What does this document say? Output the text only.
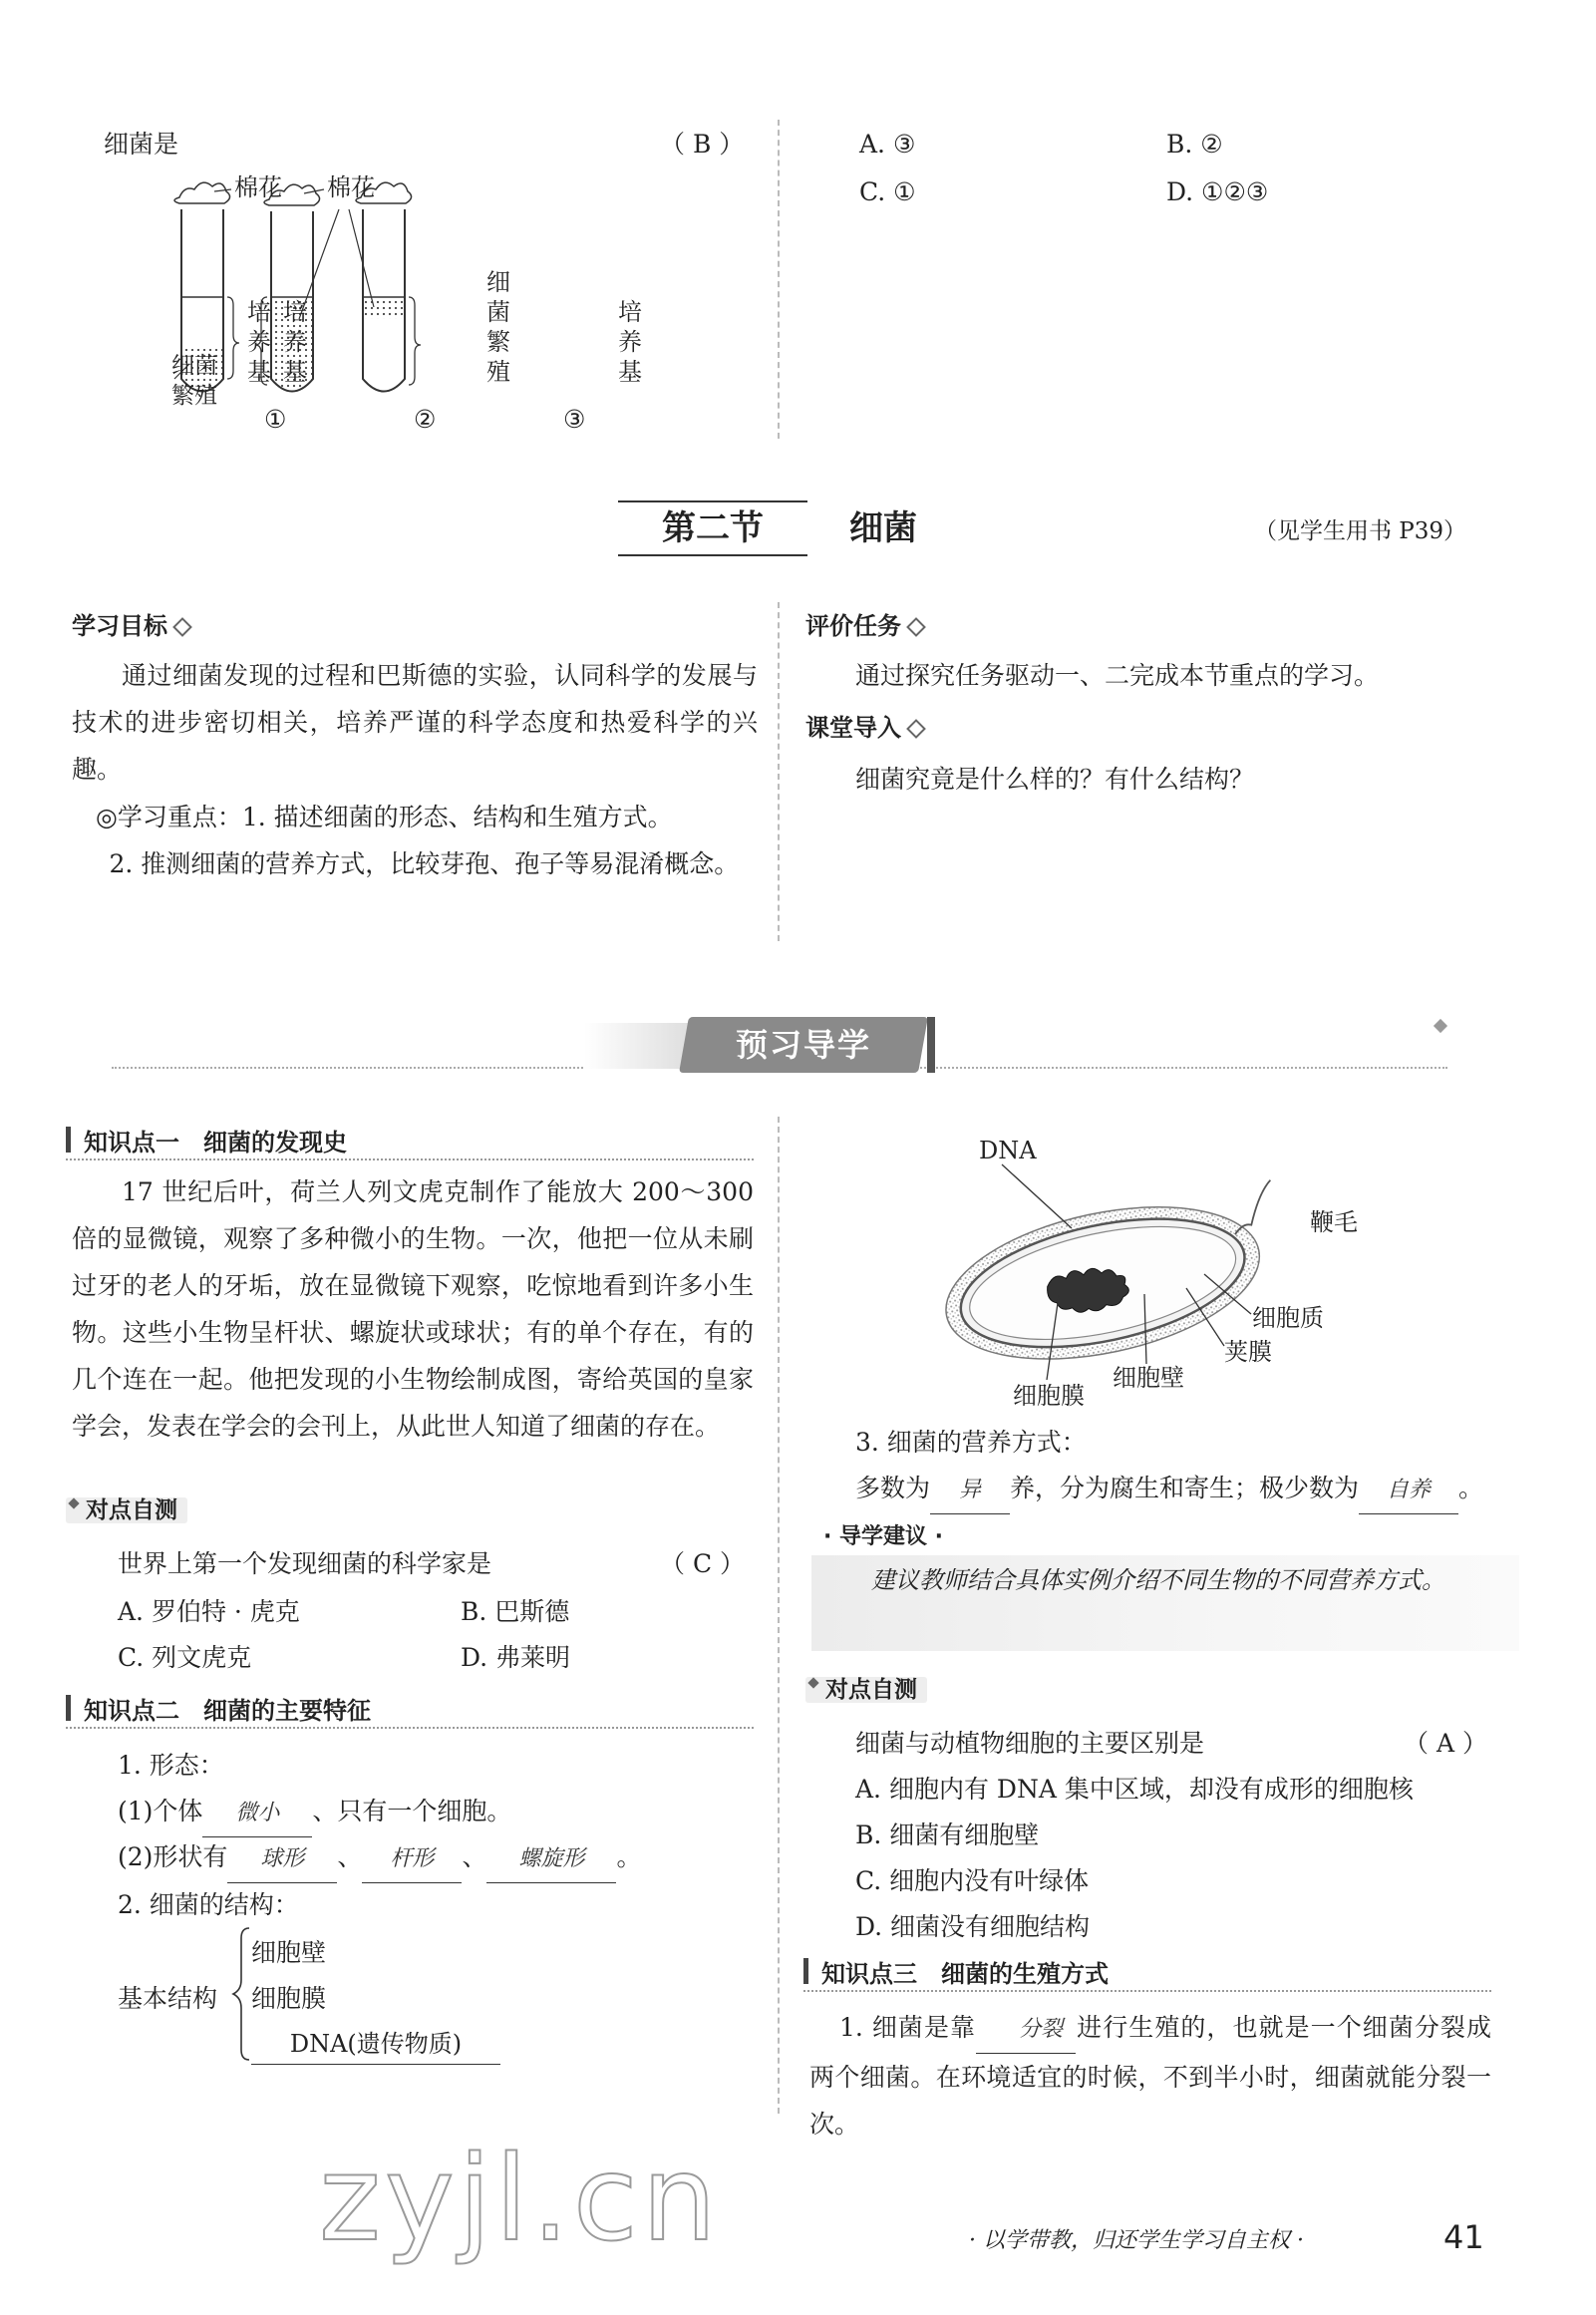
细菌是	（ B ）
棉花 棉花
培
养
基
培
养
基
细
菌
繁
殖
培
养
基
细菌
繁殖
①	②	③
A. ③	B. ②
C. ①	D. ①②③
第二节	细菌	（见学生用书 P39）
学习目标
通过细菌发现的过程和巴斯德的实验，认同科学的发展与技术的进步密切相关，培养严谨的科学态度和热爱科学的兴趣。
◎学习重点：1. 描述细菌的形态、结构和生殖方式。
2. 推测细菌的营养方式，比较芽孢、孢子等易混淆概念。
评价任务
通过探究任务驱动一、二完成本节重点的学习。
课堂导入
细菌究竟是什么样的？有什么结构？
预习导学
知识点一　细菌的发现史
17 世纪后叶，荷兰人列文虎克制作了能放大 200～300倍的显微镜，观察了多种微小的生物。一次，他把一位从未刷过牙的老人的牙垢，放在显微镜下观察，吃惊地看到许多小生物。这些小生物呈杆状、螺旋状或球状；有的单个存在，有的几个连在一起。他把发现的小生物绘制成图，寄给英国的皇家学会，发表在学会的会刊上，从此世人知道了细菌的存在。
对点自测
世界上第一个发现细菌的科学家是	（ C ）
A. 罗伯特 · 虎克	B. 巴斯德
C. 列文虎克	D. 弗莱明
知识点二　细菌的主要特征
1. 形态：
(1)个体 微小 、只有一个细胞。
(2)形状有 球形 、 杆形 、 螺旋形 。
2. 细菌的结构：
基本结构
细胞壁
细胞膜
DNA(遗传物质)
DNA
鞭毛
细胞质
荚膜
细胞壁
细胞膜
3. 细菌的营养方式：
多数为 异 养，分为腐生和寄生；极少数为 自养 。
· 导学建议 ·
建议教师结合具体实例介绍不同生物的不同营养方式。
对点自测
细菌与动植物细胞的主要区别是	（ A ）
A. 细胞内有 DNA 集中区域，却没有成形的细胞核
B. 细菌有细胞壁
C. 细胞内没有叶绿体
D. 细菌没有细胞结构
知识点三　细菌的生殖方式
1. 细菌是靠 分裂 进行生殖的，也就是一个细菌分裂成两个细菌。在环境适宜的时候，不到半小时，细菌就能分裂一次。
zyjl.cn	· 以学带教，归还学生学习自主权 ·	41
